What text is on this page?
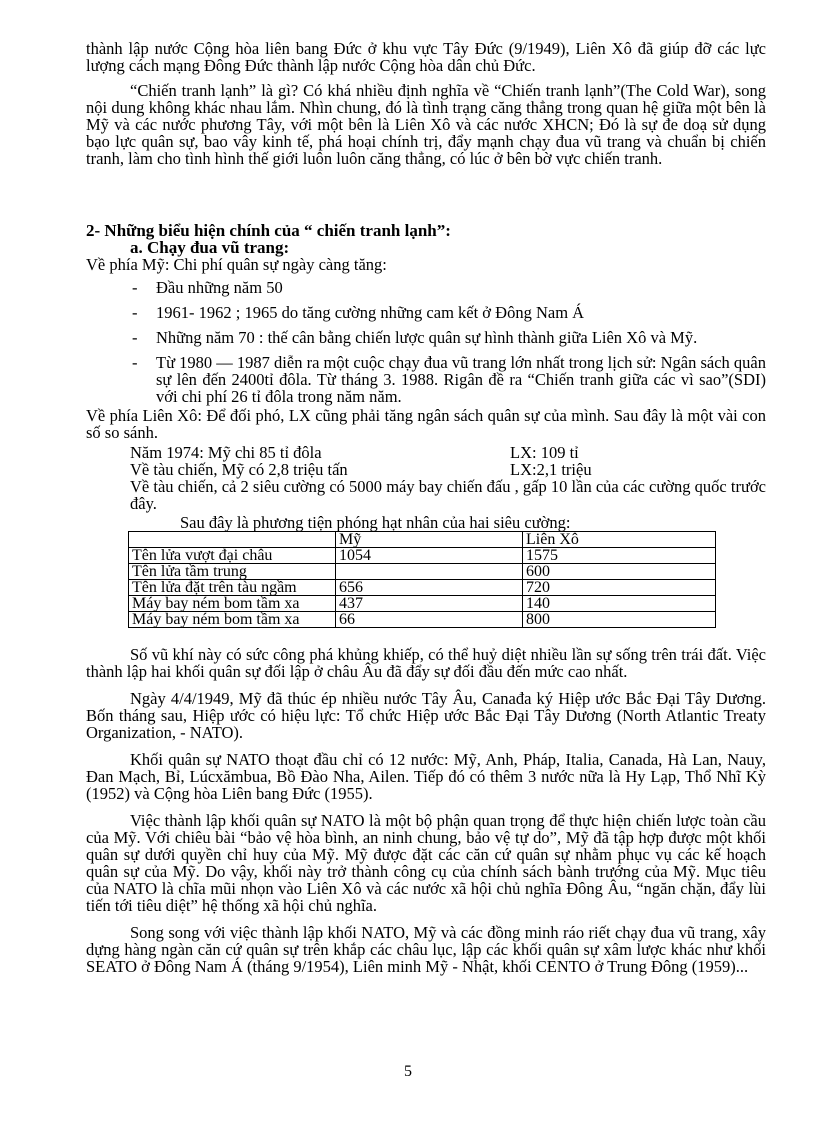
thành lập nước Cộng hòa liên bang Đức ở khu vực Tây Đức (9/1949), Liên Xô đã giúp đỡ các lực lượng cách mạng Đông Đức thành lập nước Cộng hòa dân chủ Đức.

“Chiến tranh lạnh” là gì? Có khá nhiều định nghĩa về “Chiến tranh lạnh”(The Cold War), song nội dung không khác nhau lắm. Nhìn chung, đó là tình trạng căng thẳng trong quan hệ giữa một bên là Mỹ và các nước phương Tây, với một bên là Liên Xô và các nước XHCN; Đó là sự đe doạ sử dụng bạo lực quân sự, bao vây kinh tế, phá hoại chính trị, đẩy mạnh chạy đua vũ trang và chuẩn bị chiến tranh, làm cho tình hình thế giới luôn luôn căng thẳng, có lúc ở bên bờ vực chiến tranh.

2- Những biểu hiện chính của “ chiến tranh lạnh”:

a. Chạy đua vũ trang:

Về phía Mỹ: Chi phí quân sự ngày càng tăng:

- Đầu những năm 50

- 1961- 1962 ; 1965 do tăng cường những cam kết ở Đông Nam Á

- Những năm 70 : thế cân bằng chiến lược quân sự hình thành giữa Liên Xô và Mỹ.

- Từ 1980 — 1987 diễn ra một cuộc chạy đua vũ trang lớn nhất trong lịch sử: Ngân sách quân sự lên đến 2400tỉ đôla. Từ tháng 3. 1988. Rigân đề ra “Chiến tranh giữa các vì sao”(SDI) với chi phí 26 tỉ đôla trong năm năm.

Về phía Liên Xô: Để đối phó, LX cũng phải tăng ngân sách quân sự của mình. Sau đây là một vài con số so sánh.

Năm 1974: Mỹ chi 85 tỉ đôla	LX: 109 tỉ
Về tàu chiến, Mỹ có 2,8 triệu tấn	LX:2,1 triệu

Về tàu chiến, cả 2 siêu cường có 5000 máy bay chiến đấu , gấp 10 lần của các cường quốc trước đây.

Sau đây là phương tiện phóng hạt nhân của hai siêu cường:

	Mỹ	Liên Xô
Tên lửa vượt đại châu	1054	1575
Tên lửa tầm trung		600
Tên lửa đặt trên tàu ngầm	656	720
Máy bay ném bom tầm xa	437	140
Máy bay ném bom tầm xa	66	800

Số vũ khí này có sức công phá khủng khiếp, có thể huỷ diệt nhiều lần sự sống trên trái đất. Việc thành lập hai khối quân sự đối lập ở châu Âu đã đẩy sự đối đầu đến mức cao nhất.

Ngày 4/4/1949, Mỹ đã thúc ép nhiều nước Tây Âu, Canađa ký Hiệp ước Bắc Đại Tây Dương. Bốn tháng sau, Hiệp ước có hiệu lực: Tổ chức Hiệp ước Bắc Đại Tây Dương (North Atlantic Treaty Organization, - NATO).

Khối quân sự NATO thoạt đầu chỉ có 12 nước: Mỹ, Anh, Pháp, Italia, Canada, Hà Lan, Nauy, Đan Mạch, Bỉ, Lúcxămbua, Bồ Đào Nha, Ailen. Tiếp đó có thêm 3 nước nữa là Hy Lạp, Thổ Nhĩ Kỳ (1952) và Cộng hòa Liên bang Đức (1955).

Việc thành lập khối quân sự NATO là một bộ phận quan trọng để thực hiện chiến lược toàn cầu của Mỹ. Với chiêu bài “bảo vệ hòa bình, an ninh chung, bảo vệ tự do”, Mỹ đã tập hợp được một khối quân sự dưới quyền chỉ huy của Mỹ. Mỹ được đặt các căn cứ quân sự nhằm phục vụ các kế hoạch quân sự của Mỹ. Do vậy, khối này trở thành công cụ của chính sách bành trướng của Mỹ. Mục tiêu của NATO là chĩa mũi nhọn vào Liên Xô và các nước xã hội chủ nghĩa Đông Âu, “ngăn chặn, đẩy lùi tiến tới tiêu diệt” hệ thống xã hội chủ nghĩa.

Song song với việc thành lập khối NATO, Mỹ và các đồng minh ráo riết chạy đua vũ trang, xây dựng hàng ngàn căn cứ quân sự trên khắp các châu lục, lập các khối quân sự xâm lược khác như khối SEATO ở Đông Nam Á (tháng 9/1954), Liên minh Mỹ - Nhật, khối CENTO ở Trung Đông (1959)...

5
